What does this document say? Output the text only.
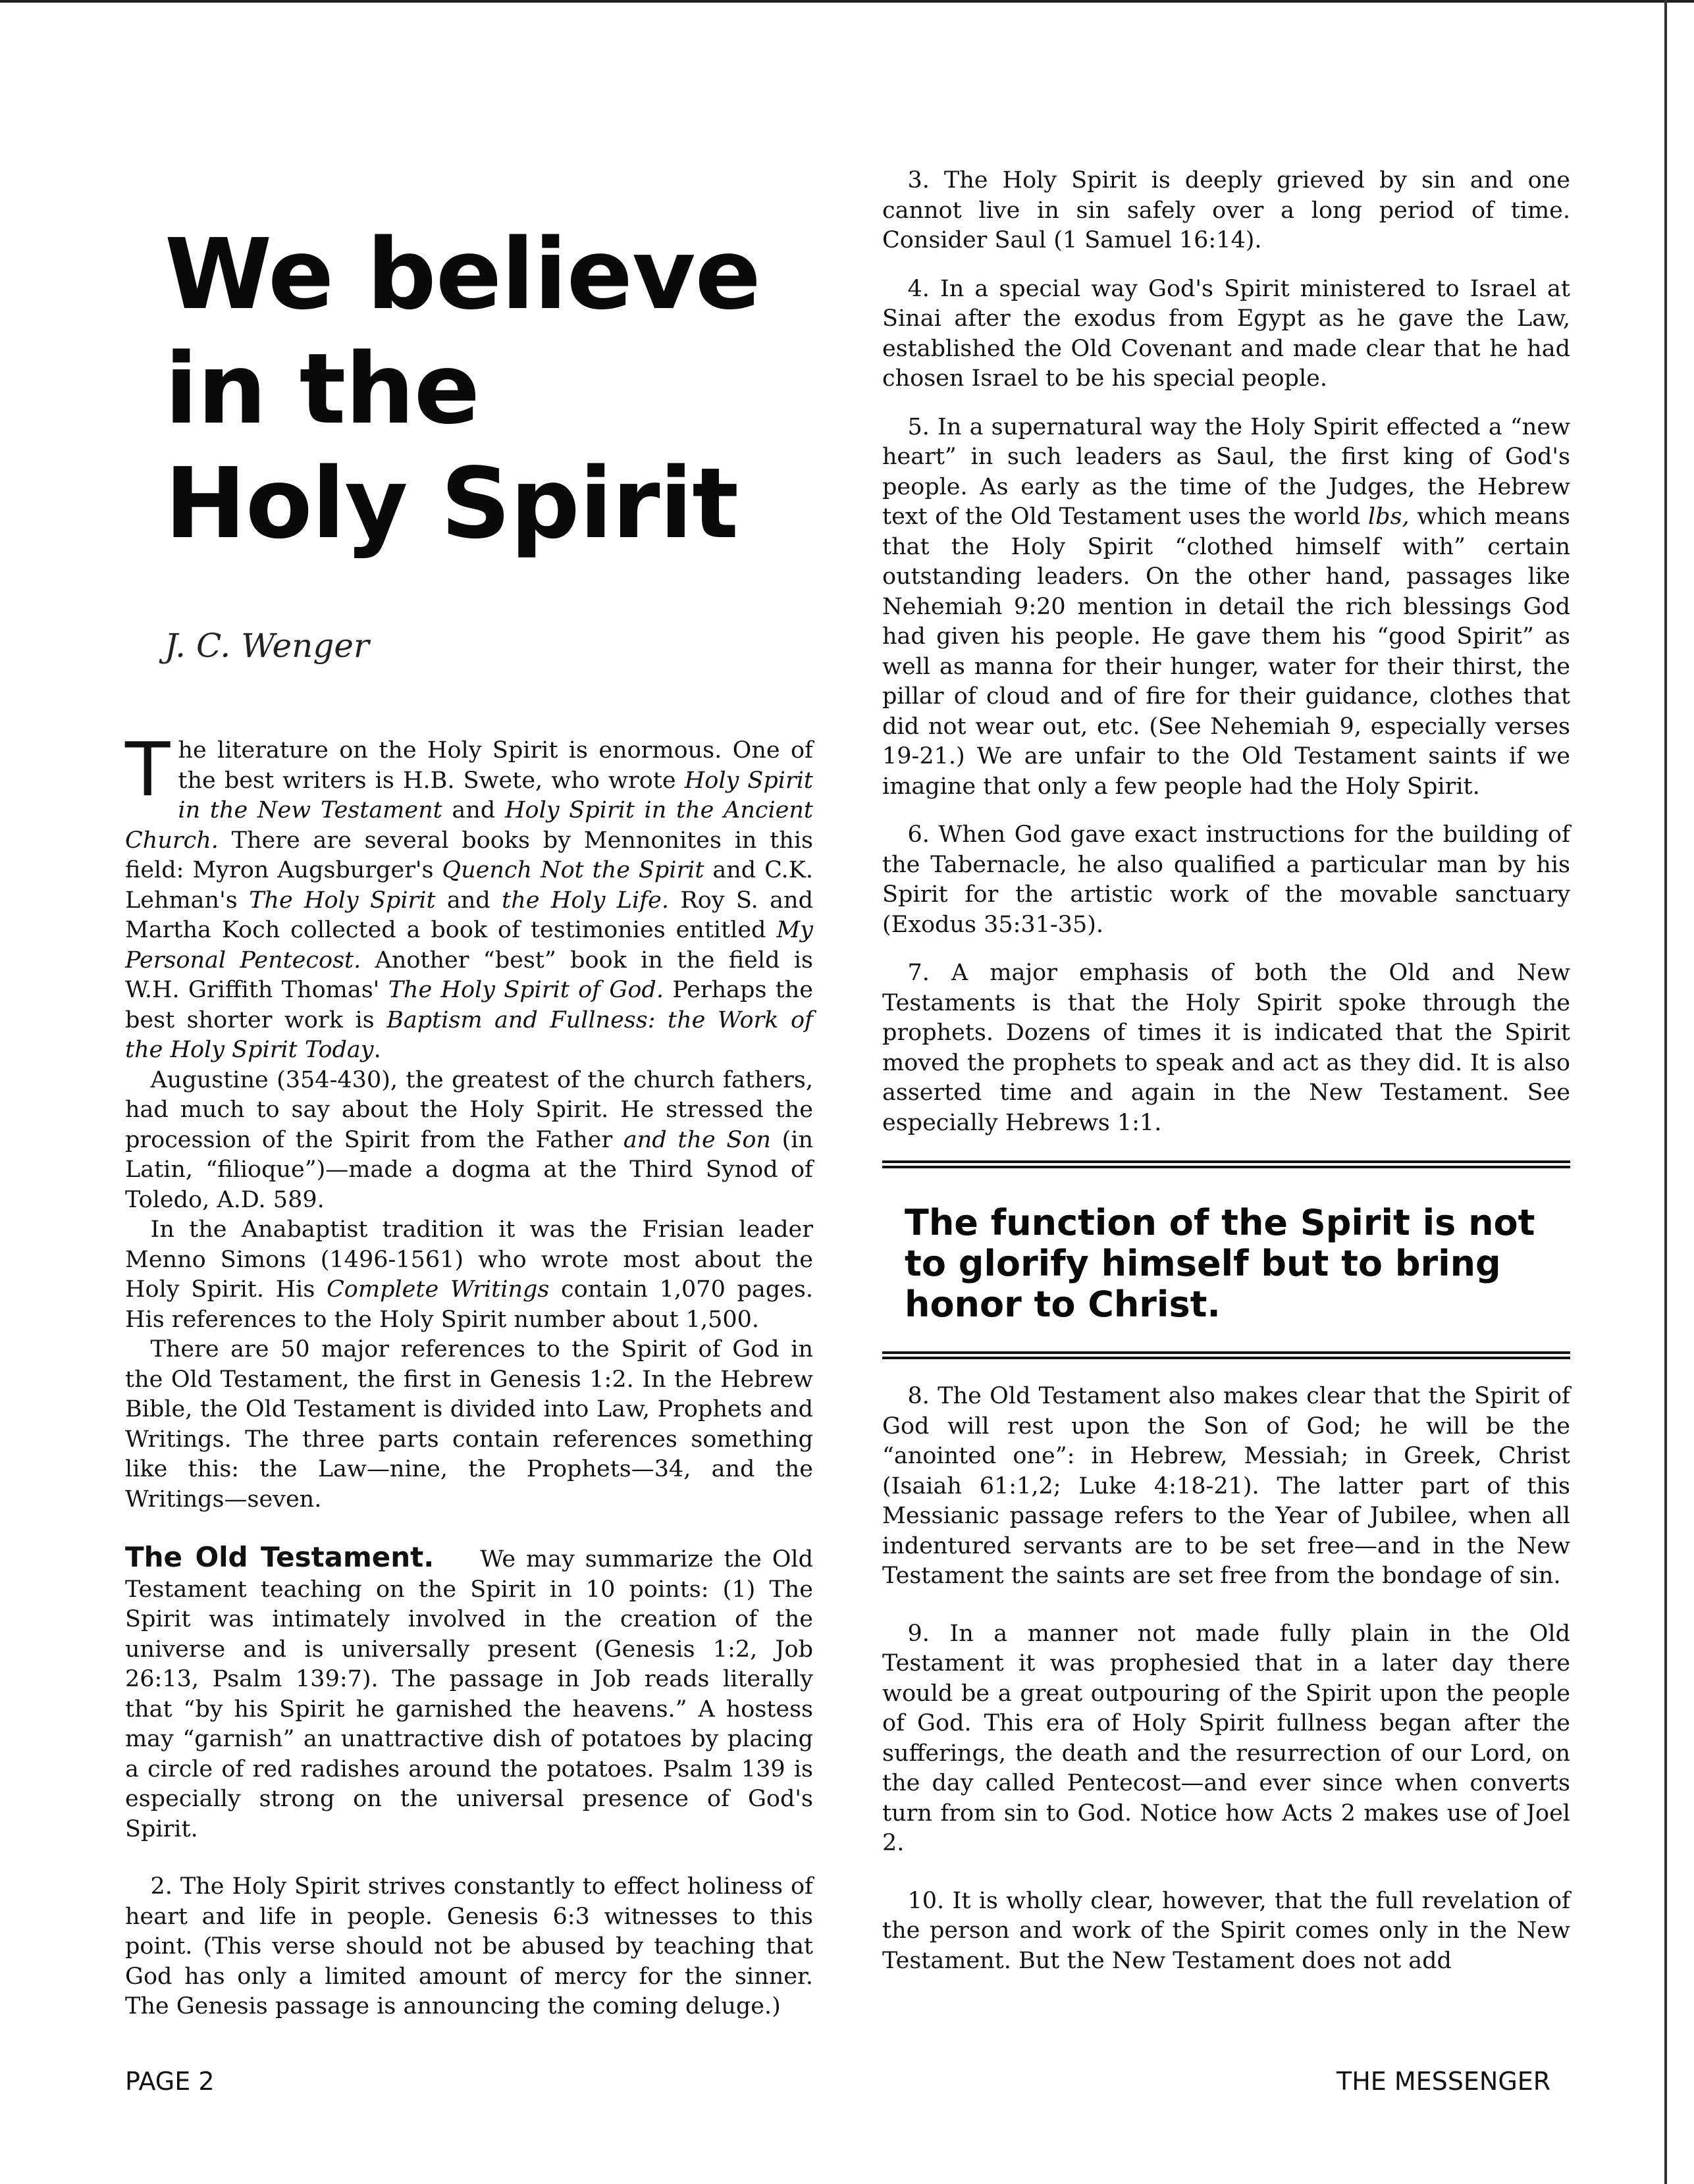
We believe
in the
Holy Spirit
J. C. Wenger

The literature on the Holy Spirit is enormous. One of the best writers is H.B. Swete, who wrote Holy Spirit in the New Testament and Holy Spirit in the Ancient Church. There are several books by Mennonites in this field: Myron Augsburger's Quench Not the Spirit and C.K. Lehman's The Holy Spirit and the Holy Life. Roy S. and Martha Koch collected a book of testimonies entitled My Personal Pentecost. Another “best” book in the field is W.H. Griffith Thomas' The Holy Spirit of God. Perhaps the best shorter work is Baptism and Fullness: the Work of the Holy Spirit Today.

Augustine (354-430), the greatest of the church fathers, had much to say about the Holy Spirit. He stressed the procession of the Spirit from the Father and the Son (in Latin, “filioque”)—made a dogma at the Third Synod of Toledo, A.D. 589.

In the Anabaptist tradition it was the Frisian leader Menno Simons (1496-1561) who wrote most about the Holy Spirit. His Complete Writings contain 1,070 pages. His references to the Holy Spirit number about 1,500.

There are 50 major references to the Spirit of God in the Old Testament, the first in Genesis 1:2. In the Hebrew Bible, the Old Testament is divided into Law, Prophets and Writings. The three parts contain references something like this: the Law—nine, the Prophets—34, and the Writings—seven.

The Old Testament. We may summarize the Old Testament teaching on the Spirit in 10 points: (1) The Spirit was intimately involved in the creation of the universe and is universally present (Genesis 1:2, Job 26:13, Psalm 139:7). The passage in Job reads literally that “by his Spirit he garnished the heavens.” A hostess may “garnish” an unattractive dish of potatoes by placing a circle of red radishes around the potatoes. Psalm 139 is especially strong on the universal presence of God's Spirit.

2. The Holy Spirit strives constantly to effect holiness of heart and life in people. Genesis 6:3 witnesses to this point. (This verse should not be abused by teaching that God has only a limited amount of mercy for the sinner. The Genesis passage is announcing the coming deluge.)

3. The Holy Spirit is deeply grieved by sin and one cannot live in sin safely over a long period of time. Consider Saul (1 Samuel 16:14).

4. In a special way God's Spirit ministered to Israel at Sinai after the exodus from Egypt as he gave the Law, established the Old Covenant and made clear that he had chosen Israel to be his special people.

5. In a supernatural way the Holy Spirit effected a “new heart” in such leaders as Saul, the first king of God's people. As early as the time of the Judges, the Hebrew text of the Old Testament uses the world lbs, which means that the Holy Spirit “clothed himself with” certain outstanding leaders. On the other hand, passages like Nehemiah 9:20 mention in detail the rich blessings God had given his people. He gave them his “good Spirit” as well as manna for their hunger, water for their thirst, the pillar of cloud and of fire for their guidance, clothes that did not wear out, etc. (See Nehemiah 9, especially verses 19-21.) We are unfair to the Old Testament saints if we imagine that only a few people had the Holy Spirit.

6. When God gave exact instructions for the building of the Tabernacle, he also qualified a particular man by his Spirit for the artistic work of the movable sanctuary (Exodus 35:31-35).

7. A major emphasis of both the Old and New Testaments is that the Holy Spirit spoke through the prophets. Dozens of times it is indicated that the Spirit moved the prophets to speak and act as they did. It is also asserted time and again in the New Testament. See especially Hebrews 1:1.

The function of the Spirit is not to glorify himself but to bring honor to Christ.

8. The Old Testament also makes clear that the Spirit of God will rest upon the Son of God; he will be the “anointed one”: in Hebrew, Messiah; in Greek, Christ (Isaiah 61:1,2; Luke 4:18-21). The latter part of this Messianic passage refers to the Year of Jubilee, when all indentured servants are to be set free—and in the New Testament the saints are set free from the bondage of sin.

9. In a manner not made fully plain in the Old Testament it was prophesied that in a later day there would be a great outpouring of the Spirit upon the people of God. This era of Holy Spirit fullness began after the sufferings, the death and the resurrection of our Lord, on the day called Pentecost—and ever since when converts turn from sin to God. Notice how Acts 2 makes use of Joel 2.

10. It is wholly clear, however, that the full revelation of the person and work of the Spirit comes only in the New Testament. But the New Testament does not add

PAGE 2	THE MESSENGER
